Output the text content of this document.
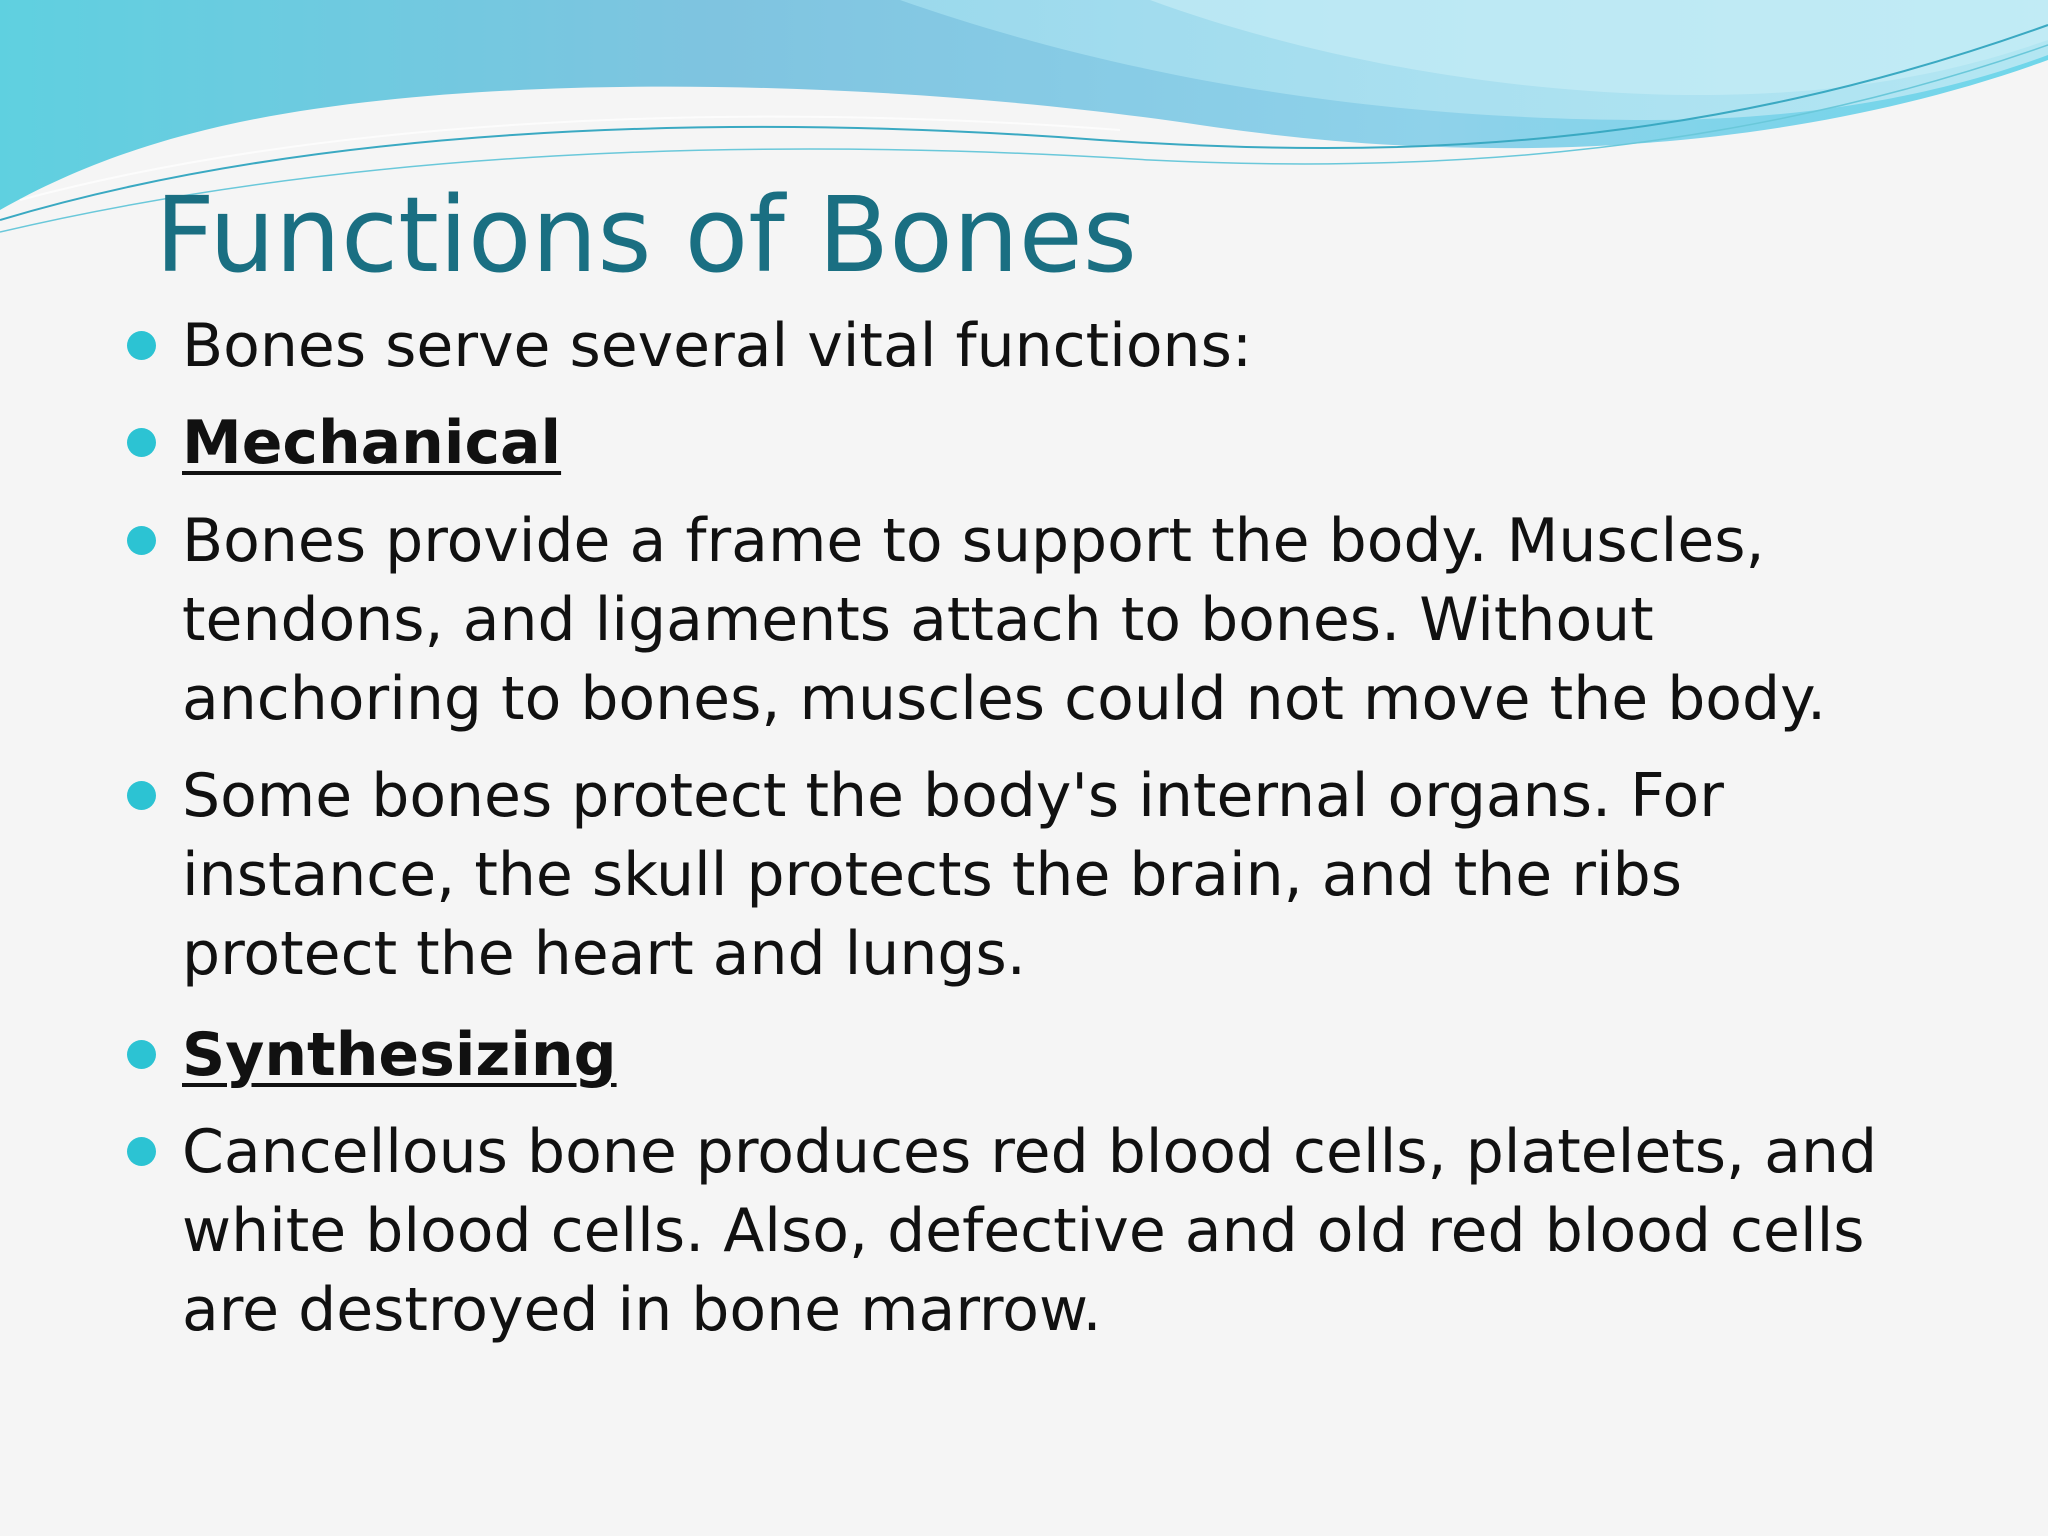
Functions of Bones
Bones serve several vital functions:
Mechanical
Bones provide a frame to support the body. Muscles,
tendons, and ligaments attach to bones. Without
anchoring to bones, muscles could not move the body.
Some bones protect the body's internal organs. For
instance, the skull protects the brain, and the ribs
protect the heart and lungs.
Synthesizing
Cancellous bone produces red blood cells, platelets, and
white blood cells. Also, defective and old red blood cells
are destroyed in bone marrow.
